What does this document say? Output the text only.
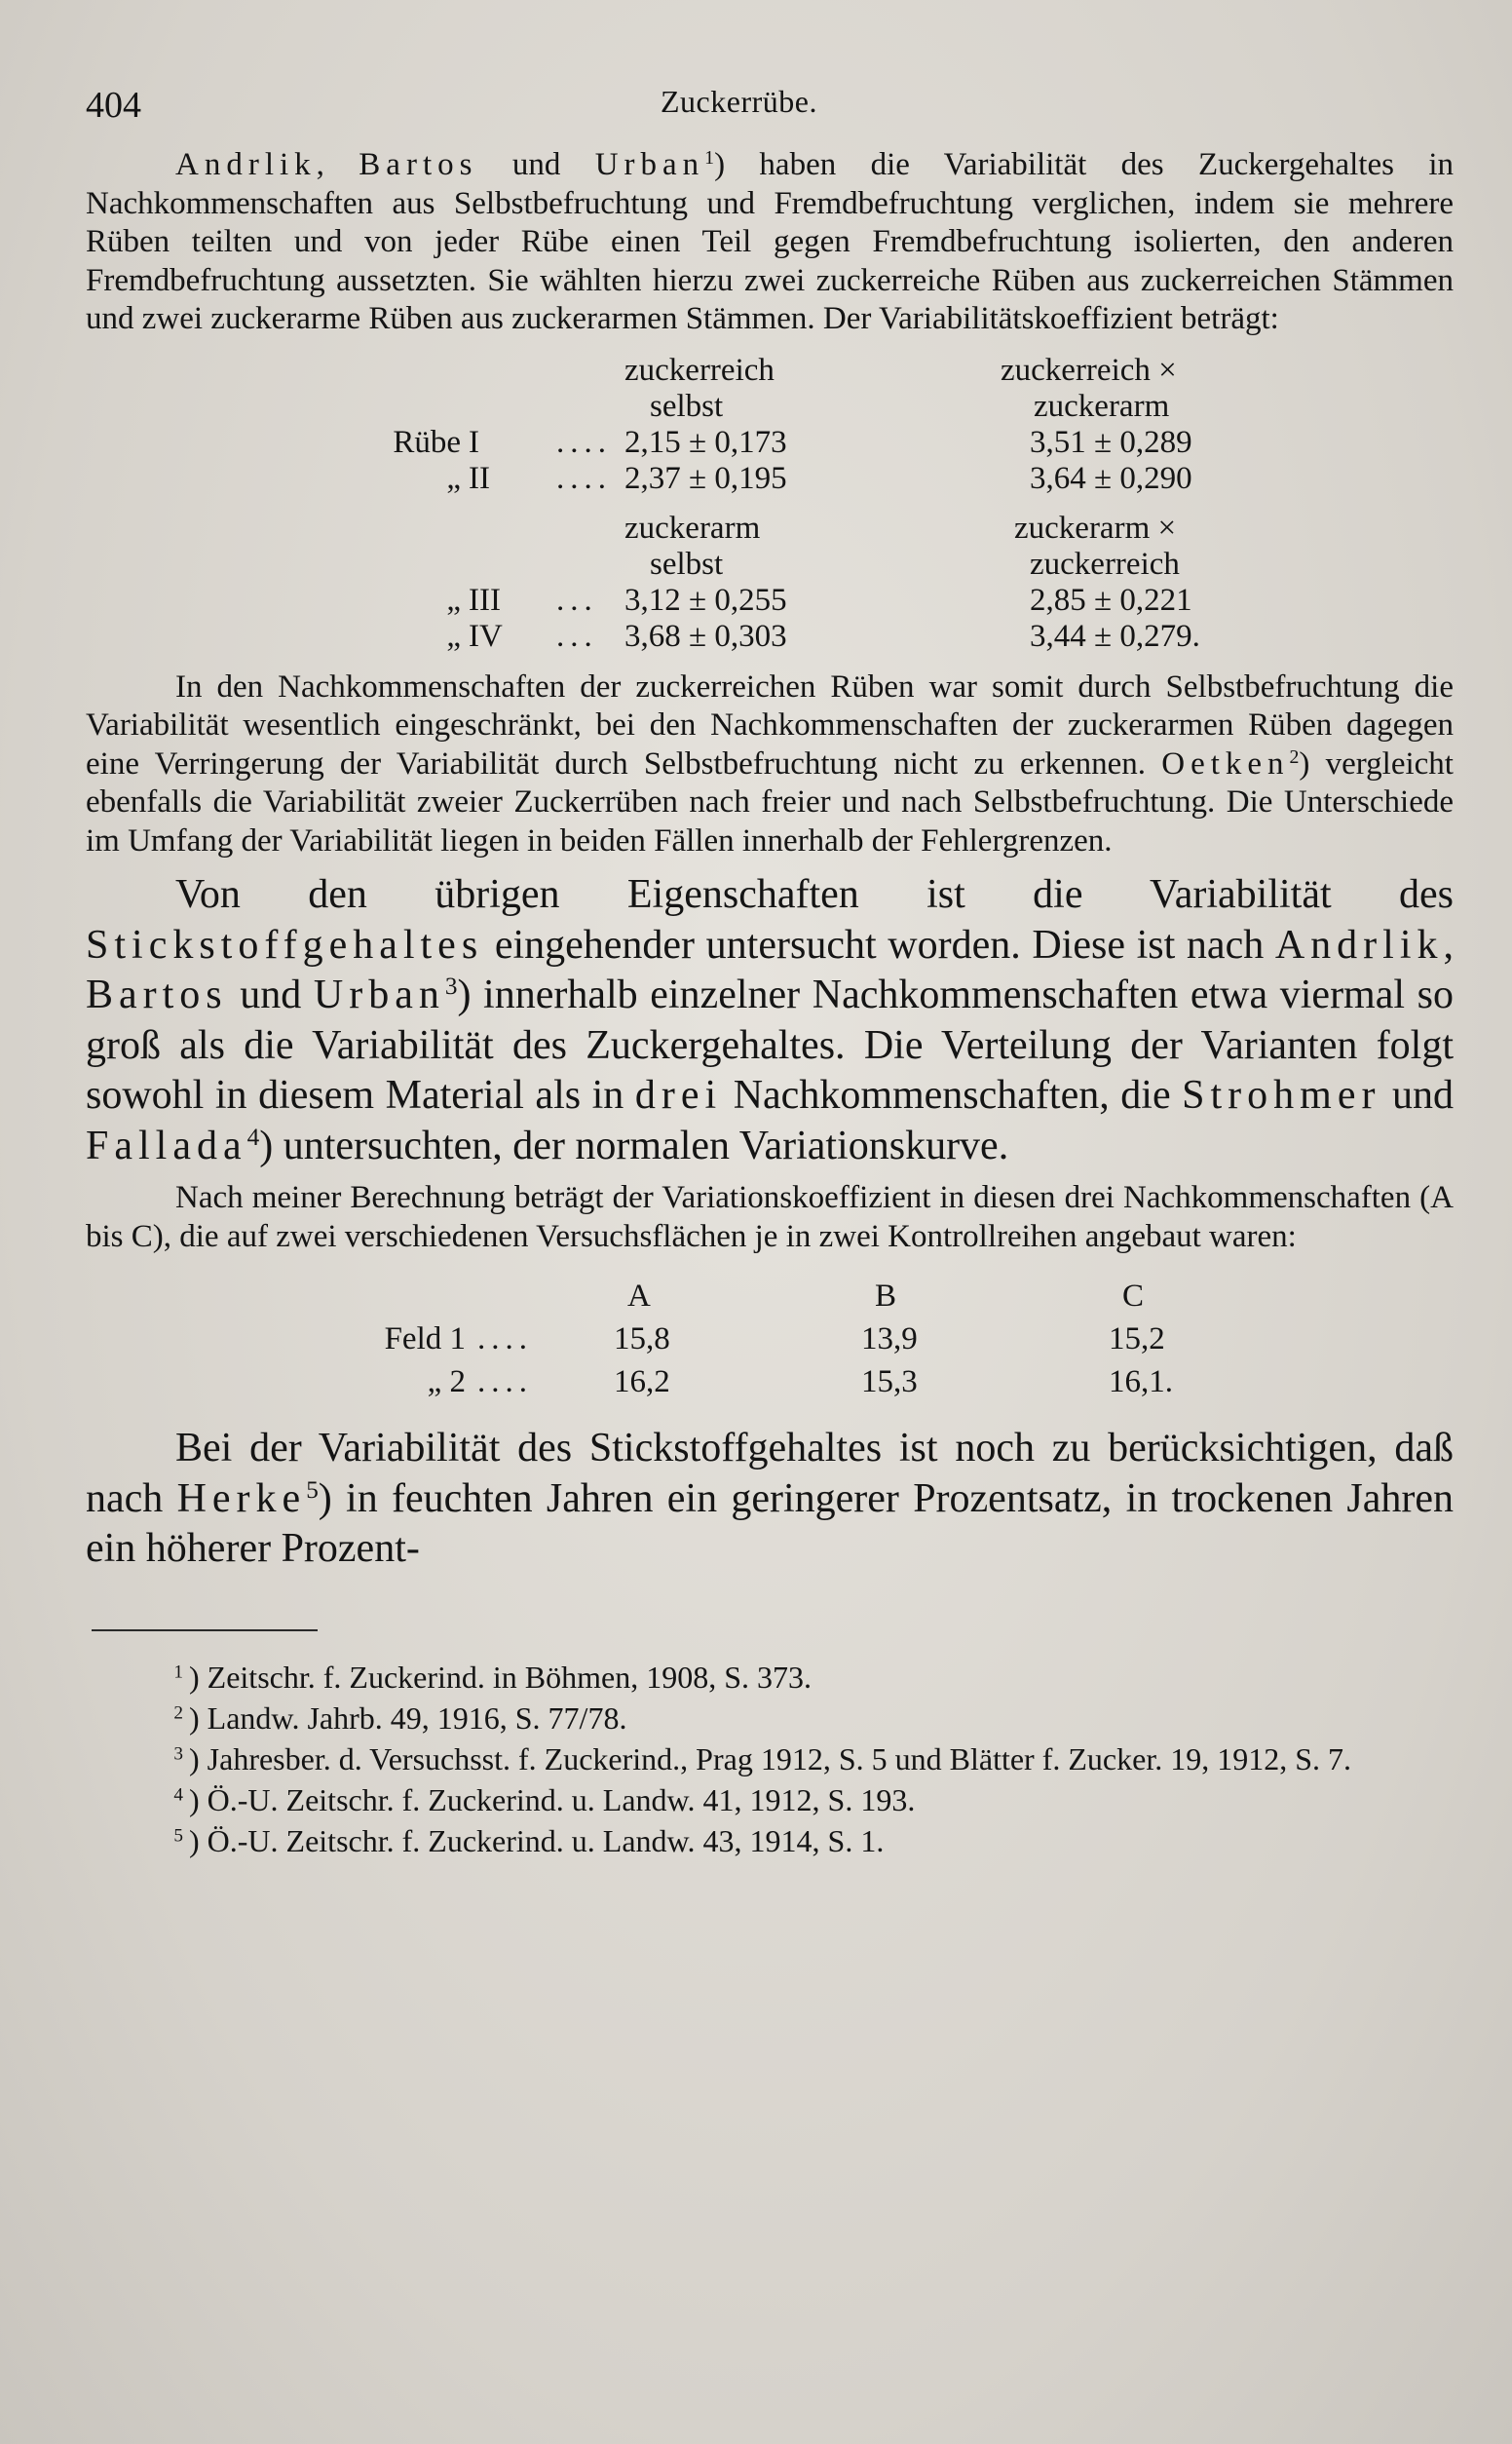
404	Zuckerrübe.

Andrlik, Bartos und Urban$^1$) haben die Variabilität des Zuckergehaltes in Nachkommenschaften aus Selbstbefruchtung und Fremdbefruchtung verglichen, indem sie mehrere Rüben teilten und von jeder Rübe einen Teil gegen Fremdbefruchtung isolierten, den anderen Fremdbefruchtung aussetzten. Sie wählten hierzu zwei zuckerreiche Rüben aus zuckerreichen Stämmen und zwei zuckerarme Rüben aus zuckerarmen Stämmen. Der Variabilitätskoeffizient beträgt:

			zuckerreich	zuckerreich ×
			selbst	zuckerarm
Rübe	I	....	2,15 ± 0,173	3,51 ± 0,289
„	II	....	2,37 ± 0,195	3,64 ± 0,290
			zuckerarm	zuckerarm ×
			selbst	zuckerreich
„	III	...	3,12 ± 0,255	2,85 ± 0,221
„	IV	...	3,68 ± 0,303	3,44 ± 0,279.

In den Nachkommenschaften der zuckerreichen Rüben war somit durch Selbstbefruchtung die Variabilität wesentlich eingeschränkt, bei den Nachkommenschaften der zuckerarmen Rüben dagegen eine Verringerung der Variabilität durch Selbstbefruchtung nicht zu erkennen. Oetken$^2$) vergleicht ebenfalls die Variabilität zweier Zuckerrüben nach freier und nach Selbstbefruchtung. Die Unterschiede im Umfang der Variabilität liegen in beiden Fällen innerhalb der Fehlergrenzen.

Von den übrigen Eigenschaften ist die Variabilität des Stickstoffgehaltes eingehender untersucht worden. Diese ist nach Andrlik, Bartos und Urban$^3$) innerhalb einzelner Nachkommenschaften etwa viermal so groß als die Variabilität des Zuckergehaltes. Die Verteilung der Varianten folgt sowohl in diesem Material als in drei Nachkommenschaften, die Strohmer und Fallada$^4$) untersuchten, der normalen Variationskurve.

Nach meiner Berechnung beträgt der Variationskoeffizient in diesen drei Nachkommenschaften (A bis C), die auf zwei verschiedenen Versuchsflächen je in zwei Kontrollreihen angebaut waren:

		A	B	C
Feld 1	....	15,8	13,9	15,2
„ 2	....	16,2	15,3	16,1.

Bei der Variabilität des Stickstoffgehaltes ist noch zu berücksichtigen, daß nach Herke$^5$) in feuchten Jahren ein geringerer Prozentsatz, in trockenen Jahren ein höherer Prozent-

$^1$ ) Zeitschr. f. Zuckerind. in Böhmen, 1908, S. 373.

$^2$ ) Landw. Jahrb. 49, 1916, S. 77/78.

$^3$ ) Jahresber. d. Versuchsst. f. Zuckerind., Prag 1912, S. 5 und Blätter f. Zucker. 19, 1912, S. 7.

$^4$ ) Ö.-U. Zeitschr. f. Zuckerind. u. Landw. 41, 1912, S. 193.

$^5$ ) Ö.-U. Zeitschr. f. Zuckerind. u. Landw. 43, 1914, S. 1.
